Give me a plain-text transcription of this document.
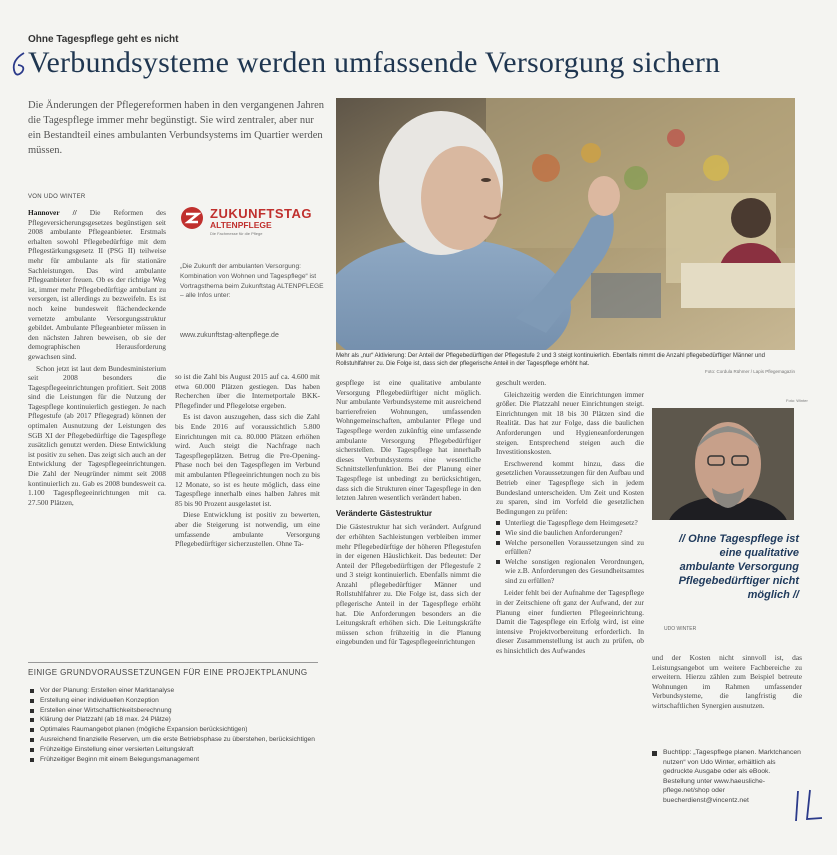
Ohne Tagespflege geht es nicht
Verbundsysteme werden umfassende Versorgung sichern
Die Änderungen der Pflegereformen haben in den vergangenen Jahren die Tagespflege immer mehr begünstigt. Sie wird zentraler, aber nur ein Bestandteil eines ambulanten Verbundsystems im Quartier werden müssen.
VON UDO WINTER

Hannover // Die Reformen des Pflegeversicherungsgesetzes begünstigen seit 2008 ambulante Pflegeanbieter. Erstmals erhalten sowohl Pflegebedürftige mit dem Pflegestärkungsgesetz II (PSG II) teilweise mehr für ambulante als für stationäre Sachleistungen. Das wird ambulante Pflegeanbieter freuen. Ob es der richtige Weg ist, immer mehr Pflegebedürftige ambulant zu versorgen, ist allerdings zu bezweifeln. Es ist noch keine bundesweit flächendeckende vernetzte ambulante Versorgungsstruktur gebildet. Ambulante Pflegeanbieter müssen in den nächsten Jahren beweisen, ob sie der demographischen Herausforderung gewachsen sind.

Schon jetzt ist laut dem Bundesministerium seit 2008 besonders die Tagespflegeeinrichtungen profitiert. Seit 2008 sind die Leistungen für die Nutzung der Tagespflege kontinuierlich gestiegen. Je nach Pflegestufe (ab 2017 Pflegegrad) können der optimalen Ausnutzung der Leistungen des SGB XI der Pflegebedürftige die Tagespflege zusätzlich genutzt werden. Diese Entwicklung ist positiv zu sehen. Das zeigt sich auch an der Entwicklung der Tagespflegeeinrichtungen. Die Zahl der Neugründer nimmt seit 2008 kontinuierlich zu. Gab es 2008 bundesweit ca. 1.100 Tagespflegeeinrichtungen mit ca. 27.500 Plätzen,

ZUKUNFTSTAG
ALTENPFLEGE
Die Fachmesse für die Pflege
„Die Zukunft der ambulanten Versorgung: Kombination von Wohnen und Tagespflege“ ist Vortragsthema beim Zukunftstag ALTENPFLEGE – alle Infos unter:
www.zukunftstag-altenpflege.de

so ist die Zahl bis August 2015 auf ca. 4.600 mit etwa 60.000 Plätzen gestiegen. Das haben Recherchen über die Internetportale BKK-Pflegefinder und Pflegelotse ergeben.

Es ist davon auszugehen, dass sich die Zahl bis Ende 2016 auf voraussichtlich 5.800 Einrichtungen mit ca. 80.000 Plätzen erhöhen wird. Auch steigt die Nachfrage nach Tagespflegeplätzen. Betrug die Pre-Opening-Phase noch bei den Tagespflegen im Verbund mit ambulanten Pflegeeinrichtungen noch zu bis 12 Monate, so ist es heute möglich, dass eine Tagespflege innerhalb eines halben Jahres mit 85 bis 90 Prozent ausgelastet ist.

Diese Entwicklung ist positiv zu bewerten, aber die Steigerung ist notwendig, um eine umfassende ambulante Versorgung Pflegebedürftiger sicherzustellen. Ohne Ta-

Mehr als „nur“ Aktivierung: Der Anteil der Pflegebedürftigen der Pflegestufe 2 und 3 steigt kontinuierlich. Ebenfalls nimmt die Anzahl pflegebedürftiger Männer und Rollstuhlfahrer zu. Die Folge ist, dass sich der pflegerische Anteil in der Tagespflege erhöht hat.
Foto: Cordula Rühmer / Lapis Pflegemagazin

gespflege ist eine qualitative ambulante Versorgung Pflegebedürftiger nicht möglich. Nur ambulante Verbundsysteme mit ausreichend barrierefreien Wohnungen, umfassenden Wohngemeinschaften, ambulanter Pflege und Tagespflege werden zukünftig eine umfassende ambulante Versorgung Pflegebedürftiger sicherstellen. Die Tagespflege hat innerhalb dieses Verbundsystems eine wesentliche Schnittstellenfunktion. Bei der Planung einer Tagespflege ist unbedingt zu berücksichtigen, dass sich die Strukturen einer Tagespflege in den letzten Jahren wesentlich verändert haben.

Veränderte Gästestruktur

Die Gästestruktur hat sich verändert. Aufgrund der erhöhten Sachleistungen verbleiben immer mehr Pflegebedürftige der höheren Pflegestufen in der eigenen Häuslichkeit. Das bedeutet: Der Anteil der Pflegebedürftigen der Pflegestufe 2 und 3 steigt kontinuierlich. Ebenfalls nimmt die Anzahl pflegebedürftiger Männer und Rollstuhlfahrer zu. Die Folge ist, dass sich der pflegerische Anteil in der Tagespflege erhöht hat. Die Anforderungen besonders an die Leitungskraft erhöhen sich. Die Leitungskräfte müssen schon frühzeitig in die Planung eingebunden und für Tagespflegeeinrichtungen

geschult werden.

Gleichzeitig werden die Einrichtungen immer größer. Die Platzzahl neuer Einrichtungen steigt. Einrichtungen mit 18 bis 30 Plätzen sind die Realität. Das hat zur Folge, dass die baulichen Anforderungen und Hygieneanforderungen steigen. Entsprechend steigen auch die Investitionskosten.

Erschwerend kommt hinzu, dass die gesetzlichen Voraussetzungen für den Aufbau und Betrieb einer Tagespflege sich in jedem Bundesland unterscheiden. Um Zeit und Kosten zu sparen, sind im Vorfeld die gesetzlichen Bedingungen zu prüfen:

Unterliegt die Tagespflege dem Heimgesetz?
Wie sind die baulichen Anforderungen?
Welche personellen Voraussetzungen sind zu erfüllen?
Welche sonstigen regionalen Verordnungen, wie z.B. Anforderungen des Gesundheitsamtes sind zu erfüllen?

Leider fehlt bei der Aufnahme der Tagespflege in der Zeitschiene oft ganz der Aufwand, der zur Planung einer fundierten Pflegeeinrichtung. Damit die Tagespflege ein Erfolg wird, ist eine intensive Projektvorbereitung erforderlich. In dieser Zusammenstellung ist auch zu prüfen, ob es hinsichtlich des Aufwandes

Foto: Winter
// Ohne Tagespflege ist eine qualitative ambulante Versorgung Pflegebedürftiger nicht möglich //
UDO WINTER

und der Kosten nicht sinnvoll ist, das Leistungsangebot um weitere Fachbereiche zu erweitern. Hierzu zählen zum Beispiel betreute Wohnungen im Rahmen umfassender Verbundsysteme, die langfristig die wirtschaftlichen Synergien ausnutzen.

Buchtipp: „Tagespflege planen. Marktchancen nutzen“ von Udo Winter, erhältlich als gedruckte Ausgabe oder als eBook. Bestellung unter www.haeusliche-pflege.net/shop oder buecherdienst@vincentz.net
EINIGE GRUNDVORAUSSETZUNGEN FÜR EINE PROJEKTPLANUNG
Vor der Planung: Erstellen einer Marktanalyse
Erstellung einer individuellen Konzeption
Erstellen einer Wirtschaftlichkeitsberechnung
Klärung der Platzzahl (ab 18 max. 24 Plätze)
Optimales Raumangebot planen (mögliche Expansion berücksichtigen)
Ausreichend finanzielle Reserven, um die erste Betriebsphase zu überstehen, berücksichtigen
Frühzeitige Einstellung einer versierten Leitungskraft
Frühzeitiger Beginn mit einem Belegungsmanagement
